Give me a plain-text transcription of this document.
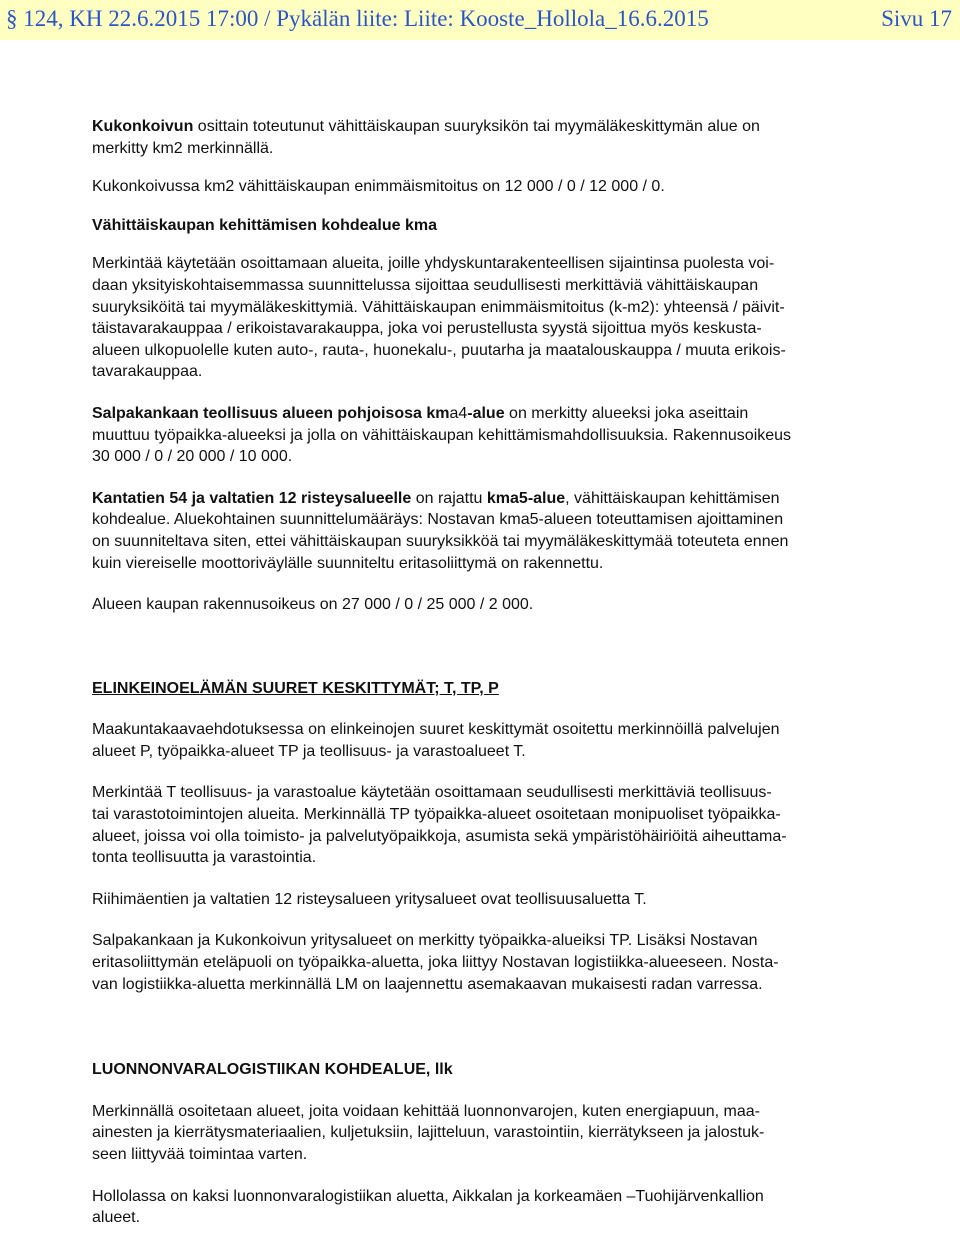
§ 124, KH 22.6.2015 17:00 / Pykälän liite: Liite: Kooste_Hollola_16.6.2015	Sivu 17

Kukonkoivun osittain toteutunut vähittäiskaupan suuryksikön tai myymäläkeskittymän alue on
merkitty km2 merkinnällä.

Kukonkoivussa km2 vähittäiskaupan enimmäismitoitus on 12 000 / 0 / 12 000 / 0.

Vähittäiskaupan kehittämisen kohdealue kma

Merkintää käytetään osoittamaan alueita, joille yhdyskuntarakenteellisen sijaintinsa puolesta voi-
daan yksityiskohtaisemmassa suunnittelussa sijoittaa seudullisesti merkittäviä vähittäiskaupan
suuryksiköitä tai myymäläkeskittymiä. Vähittäiskaupan enimmäismitoitus (k-m2): yhteensä / päivit-
täistavarakauppaa / erikoistavarakauppa, joka voi perustellusta syystä sijoittua myös keskusta-
alueen ulkopuolelle kuten auto-, rauta-, huonekalu-, puutarha ja maatalouskauppa / muuta erikois-
tavarakauppaa.

Salpakankaan teollisuus alueen pohjoisosa kma4-alue on merkitty alueeksi joka aseittain
muuttuu työpaikka-alueeksi ja jolla on vähittäiskaupan kehittämismahdollisuuksia. Rakennusoikeus
30 000 / 0 / 20 000 / 10 000.

Kantatien 54 ja valtatien 12 risteysalueelle on rajattu kma5-alue, vähittäiskaupan kehittämisen
kohdealue. Aluekohtainen suunnittelumääräys: Nostavan kma5-alueen toteuttamisen ajoittaminen
on suunniteltava siten, ettei vähittäiskaupan suuryksikköä tai myymäläkeskittymää toteuteta ennen
kuin viereiselle moottoriväylälle suunniteltu eritasoliittymä on rakennettu.

Alueen kaupan rakennusoikeus on 27 000 / 0 / 25 000 / 2 000.

ELINKEINOELÄMÄN SUURET KESKITTYMÄT; T, TP, P

Maakuntakaavaehdotuksessa on elinkeinojen suuret keskittymät osoitettu merkinnöillä palvelujen
alueet P, työpaikka-alueet TP ja teollisuus- ja varastoalueet T.

Merkintää T teollisuus- ja varastoalue käytetään osoittamaan seudullisesti merkittäviä teollisuus-
tai varastotoimintojen alueita. Merkinnällä TP työpaikka-alueet osoitetaan monipuoliset työpaikka-
alueet, joissa voi olla toimisto- ja palvelutyöpaikkoja, asumista sekä ympäristöhäiriöitä aiheuttama-
tonta teollisuutta ja varastointia.

Riihimäentien ja valtatien 12 risteysalueen yritysalueet ovat teollisuusaluetta T.

Salpakankaan ja Kukonkoivun yritysalueet on merkitty työpaikka-alueiksi TP. Lisäksi Nostavan
eritasoliittymän eteläpuoli on työpaikka-aluetta, joka liittyy Nostavan logistiikka-alueeseen. Nosta-
van logistiikka-aluetta merkinnällä LM on laajennettu asemakaavan mukaisesti radan varressa.

LUONNONVARALOGISTIIKAN KOHDEALUE, llk

Merkinnällä osoitetaan alueet, joita voidaan kehittää luonnonvarojen, kuten energiapuun, maa-
ainesten ja kierrätysmateriaalien, kuljetuksiin, lajitteluun, varastointiin, kierrätykseen ja jalostuk-
seen liittyvää toimintaa varten.

Hollolassa on kaksi luonnonvaralogistiikan aluetta, Aikkalan ja korkeamäen –Tuohijärvenkallion
alueet.
